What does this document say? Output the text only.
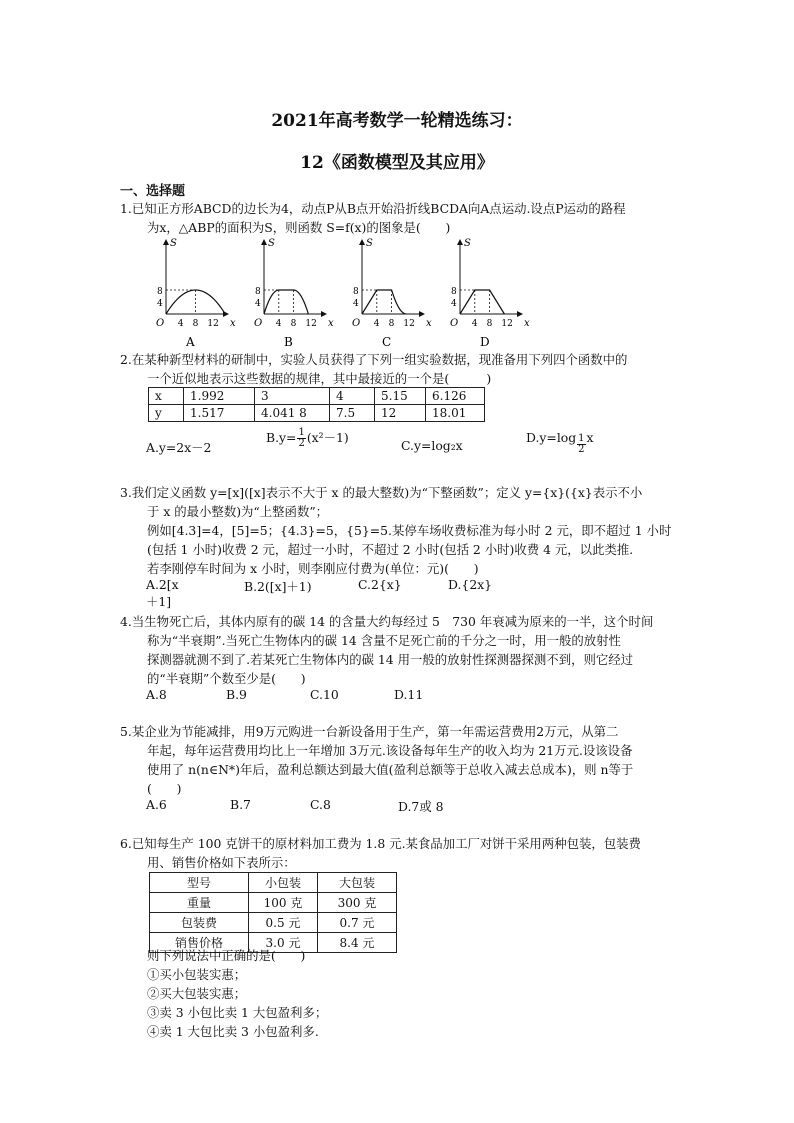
2021年高考数学一轮精选练习：
12《函数模型及其应用》
一、选择题

1.已知正方形ABCD的边长为4，动点P从B点开始沿折线BCDA向A点运动.设点P运动的路程

为x，△ABP的面积为S，则函数 S=f(x)的图象是(　　)

S
x
O
8
4
4 8 12
A
S
x
O
8
4
4 8 12
B
S
x
O
8
4
4 8 12
C
S
x
O
8
4
4 8 12
D

2.在某种新型材料的研制中，实验人员获得了下列一组实验数据，现准备用下列四个函数中的

一个近似地表示这些数据的规律，其中最接近的一个是(　　　)

x	1.992	3	4	5.15	6.126
y	1.517	4.041 8	7.5	12	18.01
A.y=2x－2
$B.y= \frac{1}{2} (x^2-1)$
C.y=log₂x
$D.y=\log \frac{1}{2}$ x

3.我们定义函数 y=[x]([x]表示不大于 x 的最大整数)为“下整函数”；定义 y={x}({x}表示不小

于 x 的最小整数)为“上整函数”；

例如[4.3]=4，[5]=5；{4.3}=5，{5}=5.某停车场收费标准为每小时 2 元，即不超过 1 小时

(包括 1 小时)收费 2 元，超过一小时，不超过 2 小时(包括 2 小时)收费 4 元，以此类推.

若李刚停车时间为 x 小时，则李刚应付费为(单位：元)(　　)

A.2[x＋1]
B.2([x]＋1)	C.2{x}	D.{2x}

4.当生物死亡后，其体内原有的碳 14 的含量大约每经过 5　730 年衰减为原来的一半，这个时间

称为“半衰期”.当死亡生物体内的碳 14 含量不足死亡前的千分之一时，用一般的放射性

探测器就测不到了.若某死亡生物体内的碳 14 用一般的放射性探测器探测不到，则它经过

的“半衰期”个数至少是(　　)

A.8	B.9	C.10	D.11

5.某企业为节能减排，用9万元购进一台新设备用于生产，第一年需运营费用2万元，从第二

年起，每年运营费用均比上一年增加 3万元.该设备每年生产的收入均为 21万元.设该设备

使用了 n(n∈N*)年后，盈利总额达到最大值(盈利总额等于总收入减去总成本)，则 n等于

(　　)

A.6	B.7	C.8	D.7或 8

6.已知每生产 100 克饼干的原材料加工费为 1.8 元.某食品加工厂对饼干采用两种包装，包装费

用、销售价格如下表所示：

型号	小包装	大包装
重量	100 克	300 克
包装费	0.5 元	0.7 元
销售价格	3.0 元	8.4 元

则下列说法中正确的是(　　)

①买小包装实惠；

②买大包装实惠；

③卖 3 小包比卖 1 大包盈利多；

④卖 1 大包比卖 3 小包盈利多.
